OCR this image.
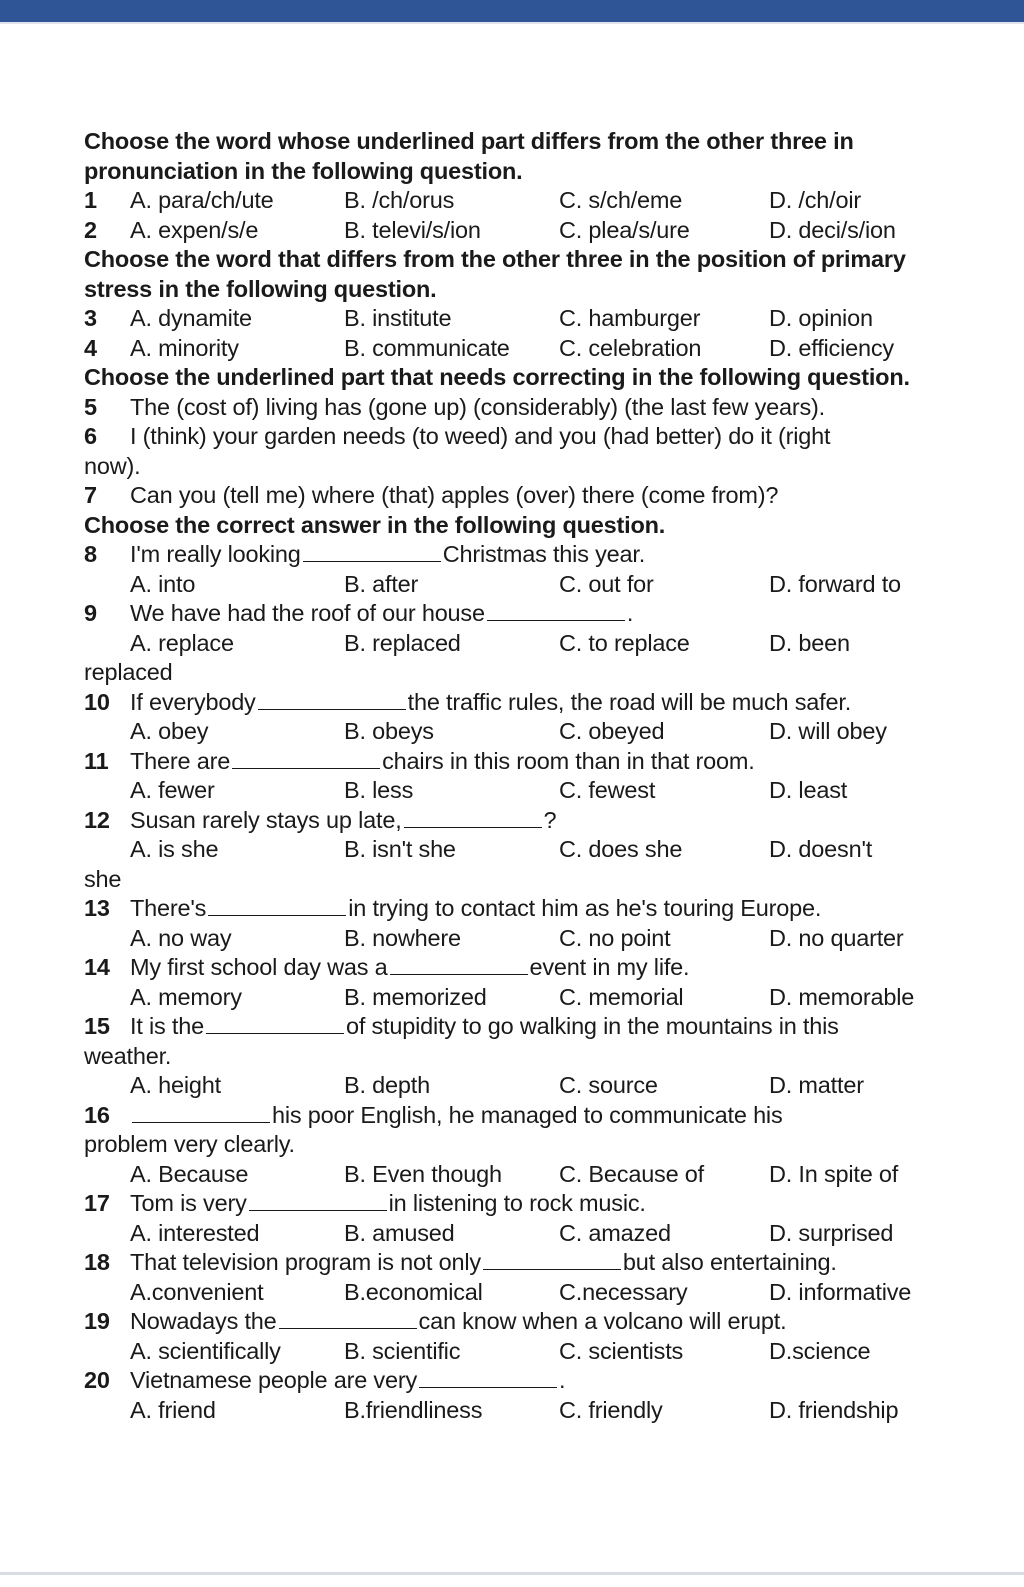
Choose the word whose underlined part differs from the other three in pronunciation in the following question.
1	A. para/ch/ute	B. /ch/orus	C. s/ch/eme	D. /ch/oir
2	A. expen/s/e	B. televi/s/ion	C. plea/s/ure	D. deci/s/ion
Choose the word that differs from the other three in the position of primary stress in the following question.
3	A. dynamite	B. institute	C. hamburger	D. opinion
4	A. minority	B. communicate C. celebration	D. efficiency
Choose the underlined part that needs correcting in the following question.
5	The (cost of) living has (gone up) (considerably) (the last few years).
6	I (think) your garden needs (to weed) and you (had better) do it (right
now).
7	Can you (tell me) where (that) apples (over) there (come from)?
Choose the correct answer in the following question.
8	I'm really looking	Christmas this year.
A. into	B. after	C. out for	D. forward to
9	We have had the roof of our house	.
A. replace	B. replaced	C. to replace	D. been
replaced
10 If everybody	the traffic rules, the road will be much safer.
A. obey	B. obeys	C. obeyed	D. will obey
11 There are	chairs in this room than in that room.
A. fewer	B. less	C. fewest	D. least
12 Susan rarely stays up late,	?
A. is she	B. isn't she	C. does she	D. doesn't
she
13 There's	in trying to contact him as he's touring Europe.
A. no way	B. nowhere	C. no point	D. no quarter
14 My first school day was a	event in my life.
A. memory	B. memorized	C. memorial	D. memorable
15 It is the	of stupidity to go walking in the mountains in this
weather.
A. height	B. depth	C. source	D. matter
16	his poor English, he managed to communicate his
problem very clearly.
A. Because	B. Even though C. Because of	D. In spite of
17 Tom is very	in listening to rock music.
A. interested	B. amused	C. amazed	D. surprised
18 That television program is not only	but also entertaining.
A.convenient	B.economical	C.necessary	D. informative
19 Nowadays the	can know when a volcano will erupt.
A. scientifically	B. scientific	C. scientists	D.science
20 Vietnamese people are very	.
A. friend	B.friendliness	C. friendly	D. friendship
